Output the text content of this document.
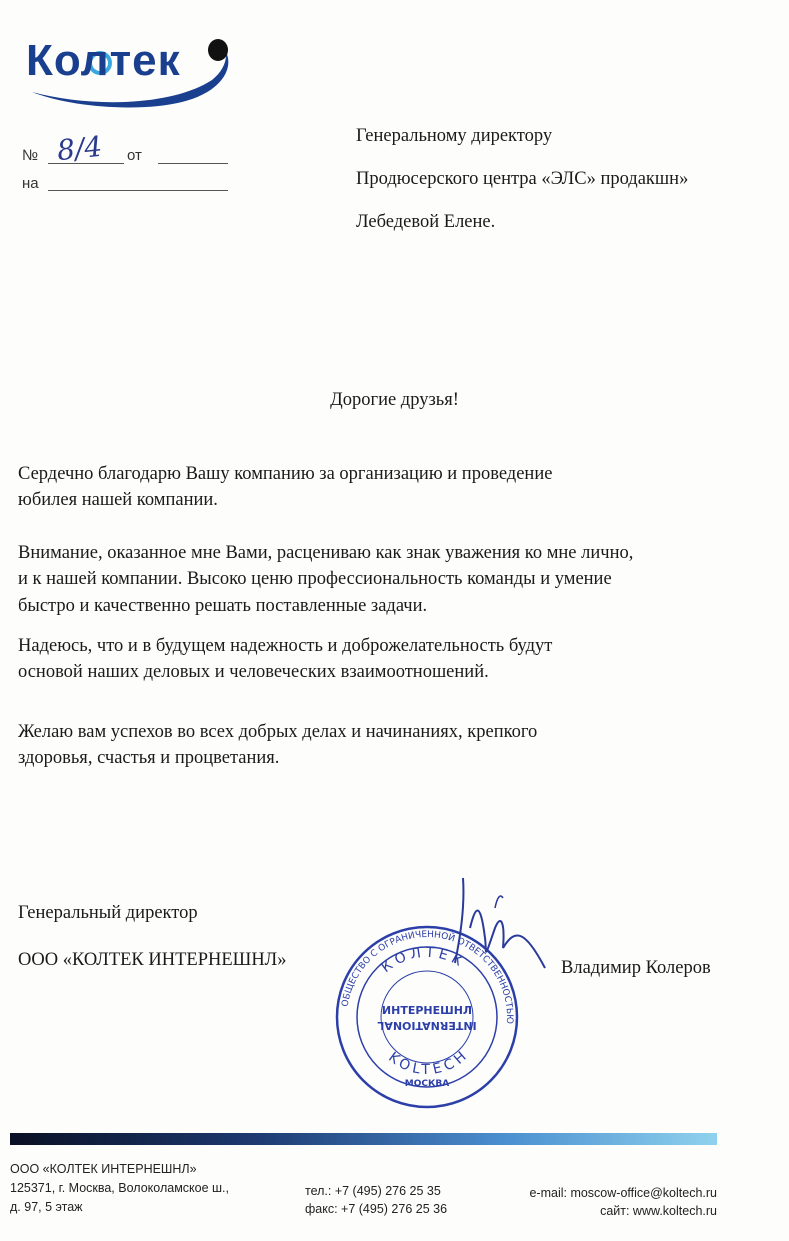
Колтек
№ 8/4 от
на
Генеральному директору
Продюсерского центра «ЭЛС» продакшн»
Лебедевой Елене.
Дорогие друзья!
Сердечно благодарю Вашу компанию за организацию и проведение
юбилея нашей компании.
Внимание, оказанное мне Вами, расцениваю как знак уважения ко мне лично,
и к нашей компании. Высоко ценю профессиональность команды и умение
быстро и качественно решать поставленные задачи.
Надеюсь, что и в будущем надежность и доброжелательность будут
основой наших деловых и человеческих взаимоотношений.
Желаю вам успехов во всех добрых делах и начинаниях, крепкого
здоровья, счастья и процветания.
Генеральный директор
ООО «КОЛТЕК ИНТЕРНЕШНЛ»	Владимир Колеров
ОБЩЕСТВО С ОГРАНИЧЕННОЙ ОТВЕТСТВЕННОСТЬЮ
КОЛТЕК
KOLTECH
ИНТЕРНЕШНЛ
INTERNATIONAL
МОСКВА
ООО «КОЛТЕК ИНТЕРНЕШНЛ»
125371, г. Москва, Волоколамское ш.,
д. 97, 5 этаж
тел.: +7 (495) 276 25 35
факс: +7 (495) 276 25 36
e-mail: moscow-office@koltech.ru
сайт: www.koltech.ru
